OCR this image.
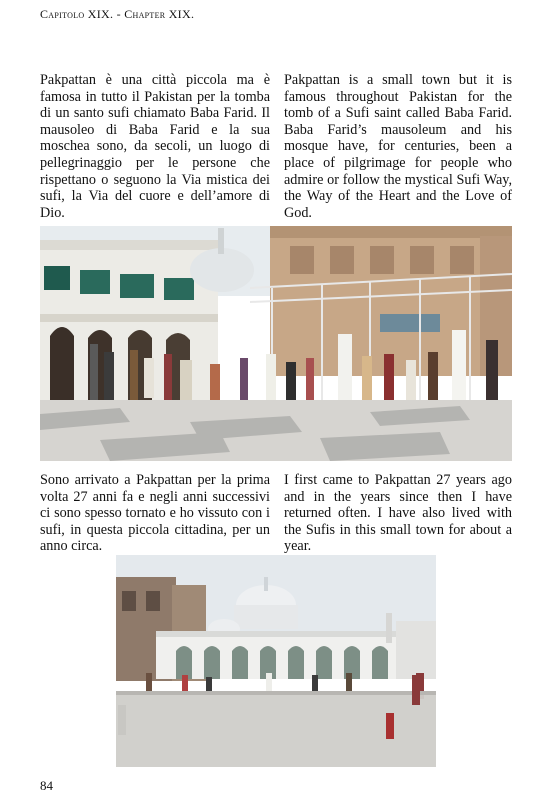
Capitolo XIX. - Chapter XIX.
Pakpattan è una città piccola ma è famosa in tutto il Pakistan per la tomba di un santo sufi chiamato Baba Farid. Il mausoleo di Baba Farid e la sua moschea sono, da secoli, un luogo di pellegrinaggio per le persone che rispettano o seguono la Via mistica dei sufi, la Via del cuore e dell’amore di Dio.
Pakpattan is a small town but it is famous throughout Pakistan for the tomb of a Sufi saint called Baba Farid. Baba Farid’s mausoleum and his mosque have, for centuries, been a place of pilgrimage for people who admire or follow the mystical Sufi Way, the Way of the Heart and the Love of God.
Sono arrivato a Pakpattan per la prima volta 27 anni fa e negli anni successivi ci sono spesso tornato e ho vissuto con i sufi, in questa piccola cittadina, per un anno circa.
I first came to Pakpattan 27 years ago and in the years since then I have returned often. I have also lived with the Sufis in this small town for about a year.
84
